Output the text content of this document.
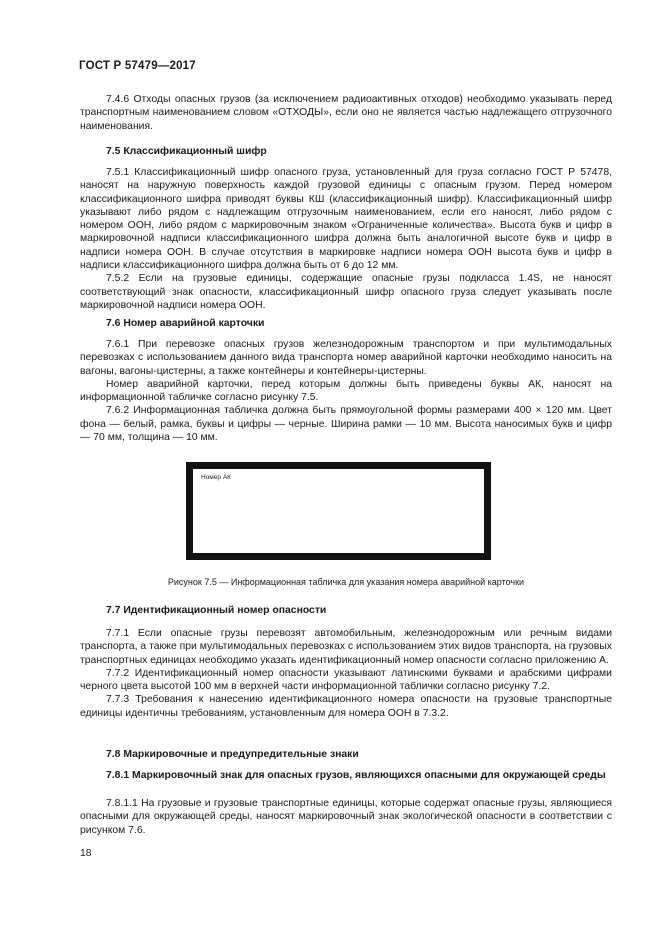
ГОСТ Р 57479—2017

7.4.6 Отходы опасных грузов (за исключением радиоактивных отходов) необходимо указывать перед транспортным наименованием словом «ОТХОДЫ», если оно не является частью надлежащего отгрузочного наименования.

7.5 Классификационный шифр

7.5.1 Классификационный шифр опасного груза, установленный для груза согласно ГОСТ Р 57478, наносят на наружную поверхность каждой грузовой единицы с опасным грузом. Перед номером классификационного шифра приводят буквы КШ (классификационный шифр). Классификационный шифр указывают либо рядом с надлежащим отгрузочным наименованием, если его наносят, либо рядом с номером ООН, либо рядом с маркировочным знаком «Ограниченные количества». Высота букв и цифр в маркировочной надписи классификационного шифра должна быть аналогичной высоте букв и цифр в надписи номера ООН. В случае отсутствия в маркировке надписи номера ООН высота букв и цифр в надписи классификационного шифра должна быть от 6 до 12 мм.

7.5.2 Если на грузовые единицы, содержащие опасные грузы подкласса 1.4S, не наносят соответствующий знак опасности, классификационный шифр опасного груза следует указывать после маркировочной надписи номера ООН.

7.6 Номер аварийной карточки

7.6.1 При перевозке опасных грузов железнодорожным транспортом и при мультимодальных перевозках с использованием данного вида транспорта номер аварийной карточки необходимо наносить на вагоны, вагоны-цистерны, а также контейнеры и контейнеры-цистерны.

Номер аварийной карточки, перед которым должны быть приведены буквы АК, наносят на информационной табличке согласно рисунку 7.5.

7.6.2 Информационная табличка должна быть прямоугольной формы размерами 400 × 120 мм. Цвет фона — белый, рамка, буквы и цифры — черные. Ширина рамки — 10 мм. Высота наносимых букв и цифр — 70 мм, толщина — 10 мм.

Номер АК
Рисунок 7.5 — Информационная табличка для указания номера аварийной карточки
7.7 Идентификационный номер опасности

7.7.1 Если опасные грузы перевозят автомобильным, железнодорожным или речным видами транспорта, а также при мультимодальных перевозках с использованием этих видов транспорта, на грузовых транспортных единицах необходимо указать идентификационный номер опасности согласно приложению А.

7.7.2 Идентификационный номер опасности указывают латинскими буквами и арабскими цифрами черного цвета высотой 100 мм в верхней части информационной таблички согласно рисунку 7.2.

7.7.3 Требования к нанесению идентификационного номера опасности на грузовые транспортные единицы идентичны требованиям, установленным для номера ООН в 7.3.2.

7.8 Маркировочные и предупредительные знаки
7.8.1 Маркировочный знак для опасных грузов, являющихся опасными для окружающей среды

7.8.1.1 На грузовые и грузовые транспортные единицы, которые содержат опасные грузы, являющиеся опасными для окружающей среды, наносят маркировочный знак экологической опасности в соответствии с рисунком 7.6.

18
